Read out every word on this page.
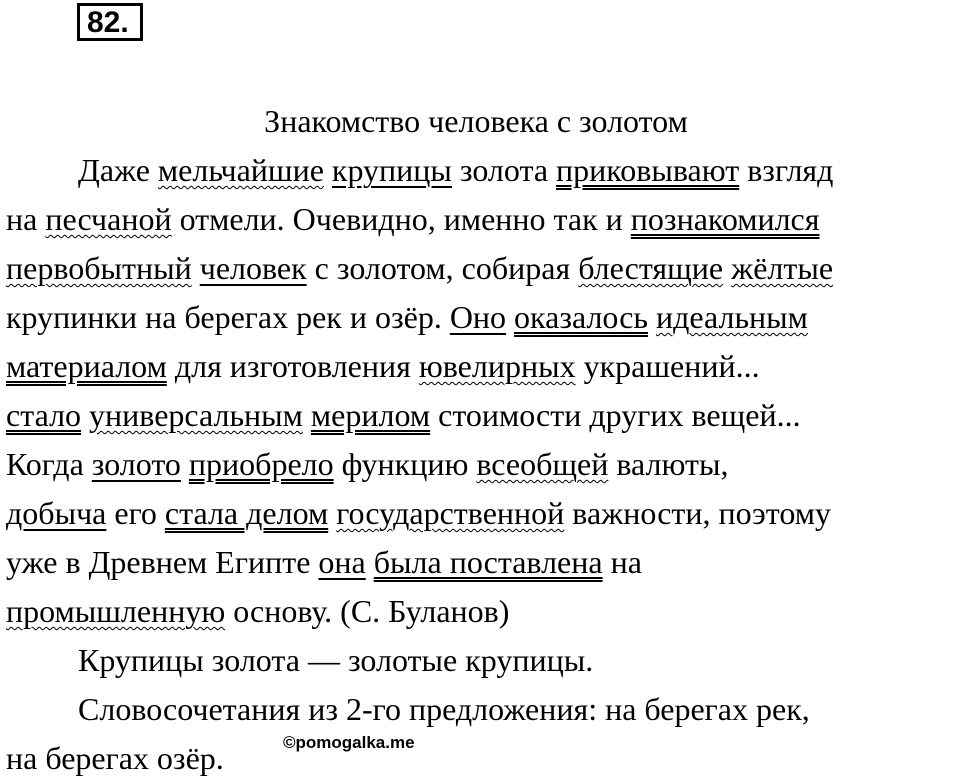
82.
Знакомство человека с золотом
Даже мельчайшие крупицы золота приковывают взгляд
на песчаной отмели. Очевидно, именно так и познакомился
первобытный человек с золотом, собирая блестящие жёлтые
крупинки на берегах рек и озёр. Оно оказалось идеальным
материалом для изготовления ювелирных украшений...
стало универсальным мерилом стоимости других вещей...
Когда золото приобрело функцию всеобщей валюты,
добыча его стала делом государственной важности, поэтому
уже в Древнем Египте она была поставлена на
промышленную основу. (С. Буланов)
Крупицы золота — золотые крупицы.
Словосочетания из 2-го предложения: на берегах рек,
на берегах озёр.	©pomogalka.me
